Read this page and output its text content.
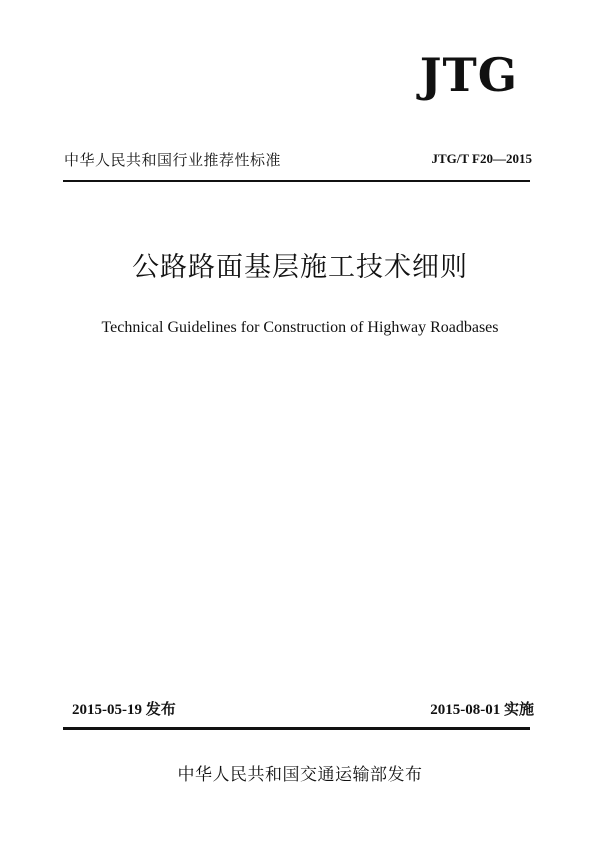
JTG
中华人民共和国行业推荐性标准	JTG/T F20—2015
公路路面基层施工技术细则
Technical Guidelines for Construction of Highway Roadbases
2015-05-19 发布	2015-08-01 实施
中华人民共和国交通运输部发布
